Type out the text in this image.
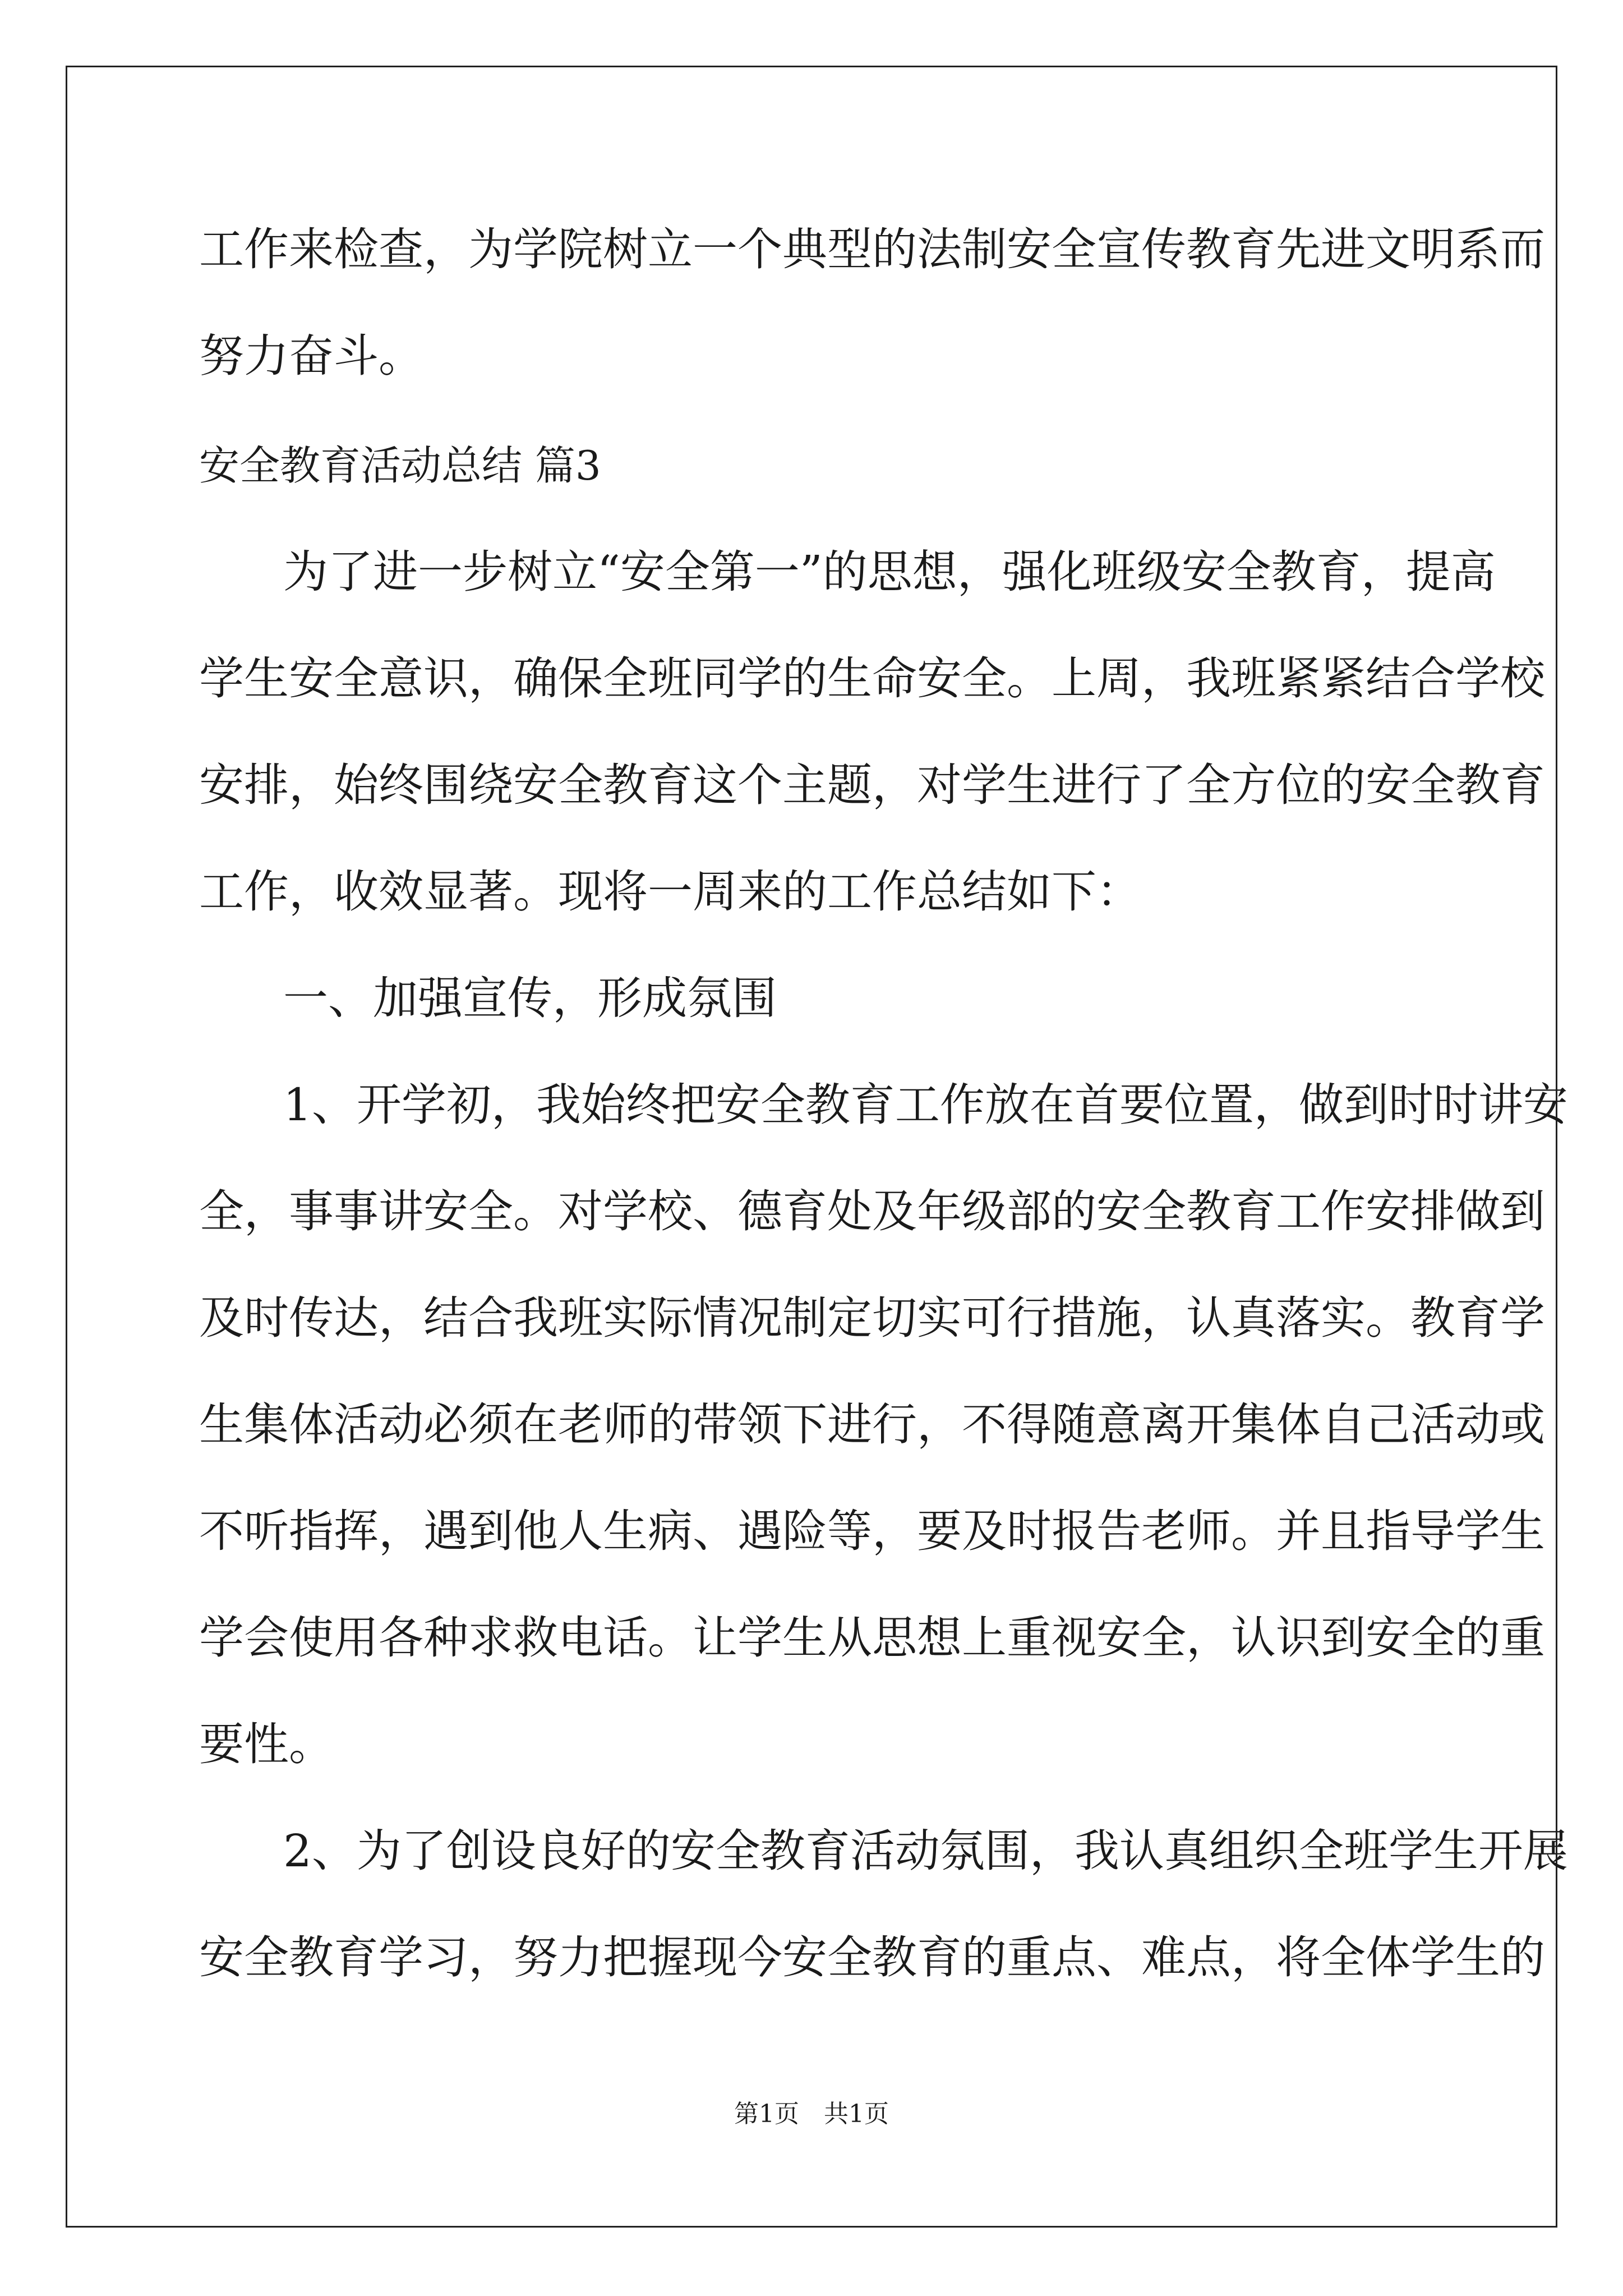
工作来检查，为学院树立一个典型的法制安全宣传教育先进文明系而

努力奋斗。

安全教育活动总结 篇3

为了进一步树立“安全第一”的思想，强化班级安全教育，提高

学生安全意识，确保全班同学的生命安全。上周，我班紧紧结合学校

安排，始终围绕安全教育这个主题，对学生进行了全方位的安全教育

工作，收效显著。现将一周来的工作总结如下：

一、加强宣传，形成氛围

1、开学初，我始终把安全教育工作放在首要位置，做到时时讲安

全，事事讲安全。对学校、德育处及年级部的安全教育工作安排做到

及时传达，结合我班实际情况制定切实可行措施，认真落实。教育学

生集体活动必须在老师的带领下进行，不得随意离开集体自己活动或

不听指挥，遇到他人生病、遇险等，要及时报告老师。并且指导学生

学会使用各种求救电话。让学生从思想上重视安全，认识到安全的重

要性。

2、为了创设良好的安全教育活动氛围，我认真组织全班学生开展

安全教育学习，努力把握现今安全教育的重点、难点，将全体学生的

第1页　共1页
